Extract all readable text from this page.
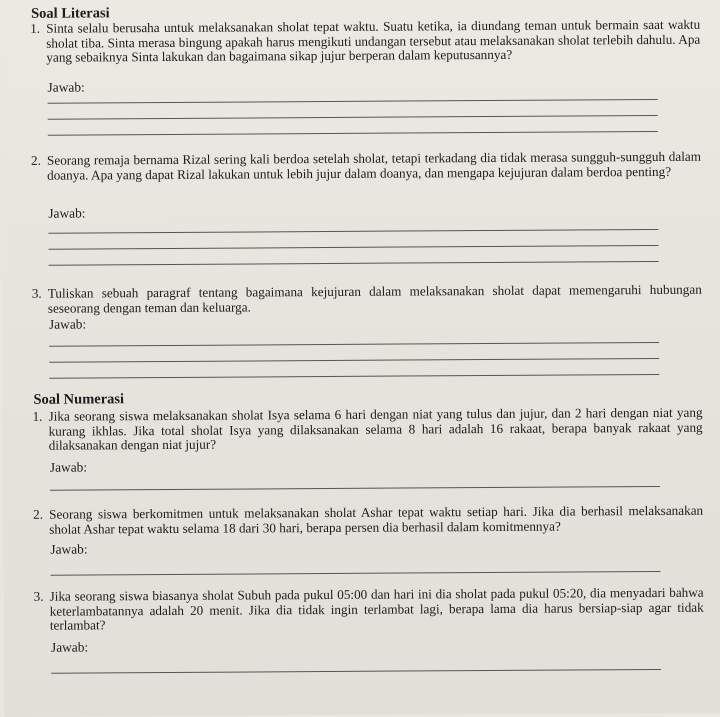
Soal Literasi
1. Sinta selalu berusaha untuk melaksanakan sholat tepat waktu. Suatu ketika, ia diundang teman untuk bermain saat waktu sholat tiba. Sinta merasa bingung apakah harus mengikuti undangan tersebut atau melaksanakan sholat terlebih dahulu. Apa yang sebaiknya Sinta lakukan dan bagaimana sikap jujur berperan dalam keputusannya?
Jawab:
2. Seorang remaja bernama Rizal sering kali berdoa setelah sholat, tetapi terkadang dia tidak merasa sungguh-sungguh dalam doanya. Apa yang dapat Rizal lakukan untuk lebih jujur dalam doanya, dan mengapa kejujuran dalam berdoa penting?
Jawab:
3. Tuliskan sebuah paragraf tentang bagaimana kejujuran dalam melaksanakan sholat dapat memengaruhi hubungan seseorang dengan teman dan keluarga.
Jawab:
Soal Numerasi
1. Jika seorang siswa melaksanakan sholat Isya selama 6 hari dengan niat yang tulus dan jujur, dan 2 hari dengan niat yang kurang ikhlas. Jika total sholat Isya yang dilaksanakan selama 8 hari adalah 16 rakaat, berapa banyak rakaat yang dilaksanakan dengan niat jujur?
Jawab:
2. Seorang siswa berkomitmen untuk melaksanakan sholat Ashar tepat waktu setiap hari. Jika dia berhasil melaksanakan sholat Ashar tepat waktu selama 18 dari 30 hari, berapa persen dia berhasil dalam komitmennya?
Jawab:
3. Jika seorang siswa biasanya sholat Subuh pada pukul 05:00 dan hari ini dia sholat pada pukul 05:20, dia menyadari bahwa keterlambatannya adalah 20 menit. Jika dia tidak ingin terlambat lagi, berapa lama dia harus bersiap-siap agar tidak terlambat?
Jawab:
